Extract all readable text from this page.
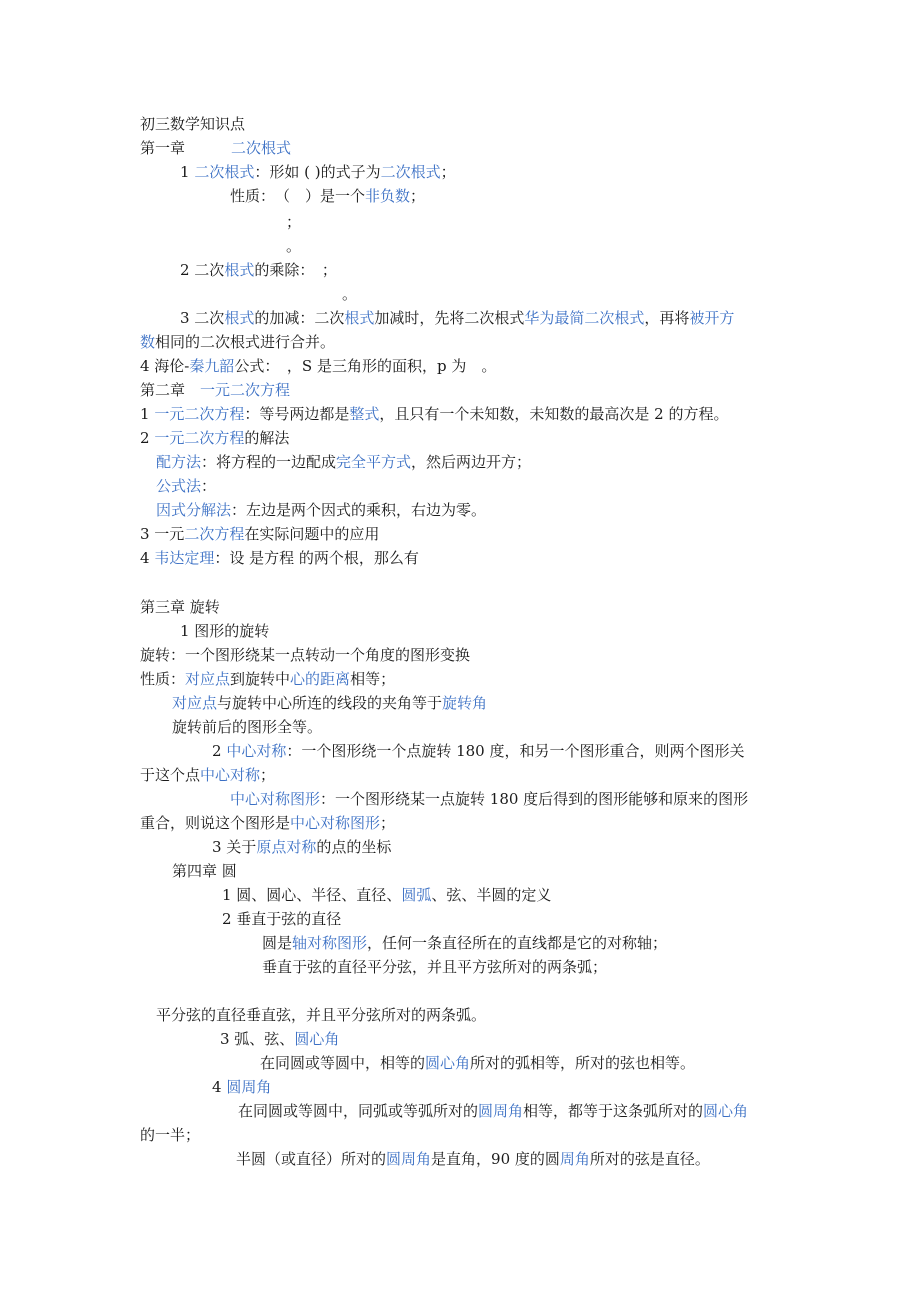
初三数学知识点
第一章	二次根式
1 二次根式：形如 ( )的式子为二次根式；
性质：　（　）是一个非负数；
；
。
2 二次根式的乘除：　；
。
3 二次根式的加减：二次根式加减时，先将二次根式华为最简二次根式，再将被开方
数相同的二次根式进行合并。
4 海伦-秦九韶公式：　，S 是三角形的面积，p 为　。
第二章　一元二次方程
1 一元二次方程：等号两边都是整式，且只有一个未知数，未知数的最高次是 2 的方程。
2 一元二次方程的解法
配方法：将方程的一边配成完全平方式，然后两边开方；
公式法：
因式分解法：左边是两个因式的乘积，右边为零。
3 一元二次方程在实际问题中的应用
4 韦达定理：设 是方程 的两个根，那么有
第三章 旋转
1 图形的旋转
旋转：一个图形绕某一点转动一个角度的图形变换
性质：对应点到旋转中心的距离相等；
对应点与旋转中心所连的线段的夹角等于旋转角
旋转前后的图形全等。
2 中心对称：一个图形绕一个点旋转 180 度，和另一个图形重合，则两个图形关
于这个点中心对称；
中心对称图形：一个图形绕某一点旋转 180 度后得到的图形能够和原来的图形
重合，则说这个图形是中心对称图形；
3 关于原点对称的点的坐标
第四章 圆
1 圆、圆心、半径、直径、圆弧、弦、半圆的定义
2 垂直于弦的直径
圆是轴对称图形，任何一条直径所在的直线都是它的对称轴；
垂直于弦的直径平分弦，并且平方弦所对的两条弧；
平分弦的直径垂直弦，并且平分弦所对的两条弧。
3 弧、弦、圆心角
在同圆或等圆中，相等的圆心角所对的弧相等，所对的弦也相等。
4 圆周角
在同圆或等圆中，同弧或等弧所对的圆周角相等，都等于这条弧所对的圆心角
的一半；
半圆（或直径）所对的圆周角是直角，90 度的圆周角所对的弦是直径。
